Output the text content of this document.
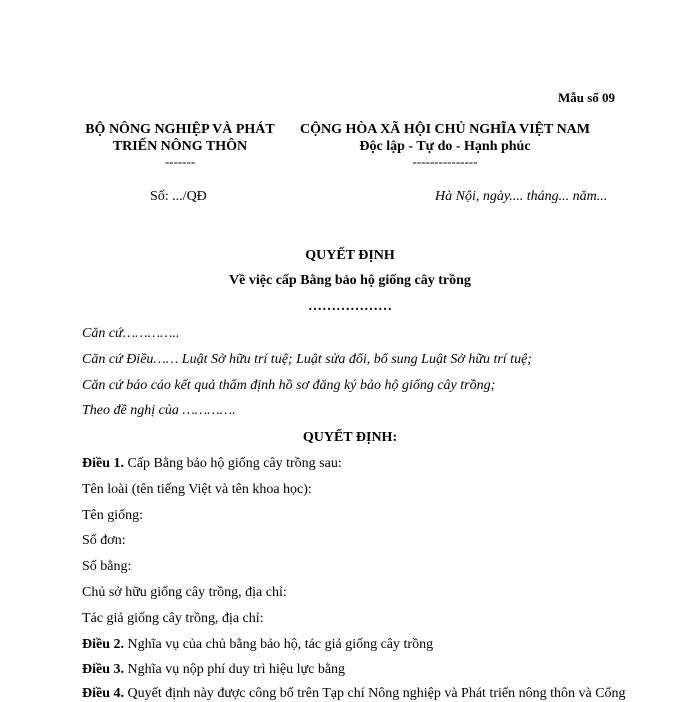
Mẫu số 09
BỘ NÔNG NGHIỆP VÀ PHÁT
TRIỂN NÔNG THÔN
-------
CỘNG HÒA XÃ HỘI CHỦ NGHĨA VIỆT NAM
Độc lập - Tự do - Hạnh phúc
---------------
Số: .../QĐ	Hà Nội, ngày.... tháng... năm...
QUYẾT ĐỊNH
Về việc cấp Bằng bảo hộ giống cây trồng
………………
Căn cứ…………..
Căn cứ Điều…… Luật Sở hữu trí tuệ; Luật sửa đổi, bổ sung Luật Sở hữu trí tuệ;
Căn cứ báo cáo kết quả thẩm định hồ sơ đăng ký bảo hộ giống cây trồng;
Theo đề nghị của ………….
QUYẾT ĐỊNH:
Điều 1. Cấp Bằng bảo hộ giống cây trồng sau:
Tên loài (tên tiếng Việt và tên khoa học):
Tên giống:
Số đơn:
Số bằng:
Chủ sở hữu giống cây trồng, địa chỉ:
Tác giả giống cây trồng, địa chỉ:
Điều 2. Nghĩa vụ của chủ bằng bảo hộ, tác giả giống cây trồng
Điều 3. Nghĩa vụ nộp phí duy trì hiệu lực bằng
Điều 4. Quyết định này được công bố trên Tạp chí Nông nghiệp và Phát triển nông thôn và Cổng
